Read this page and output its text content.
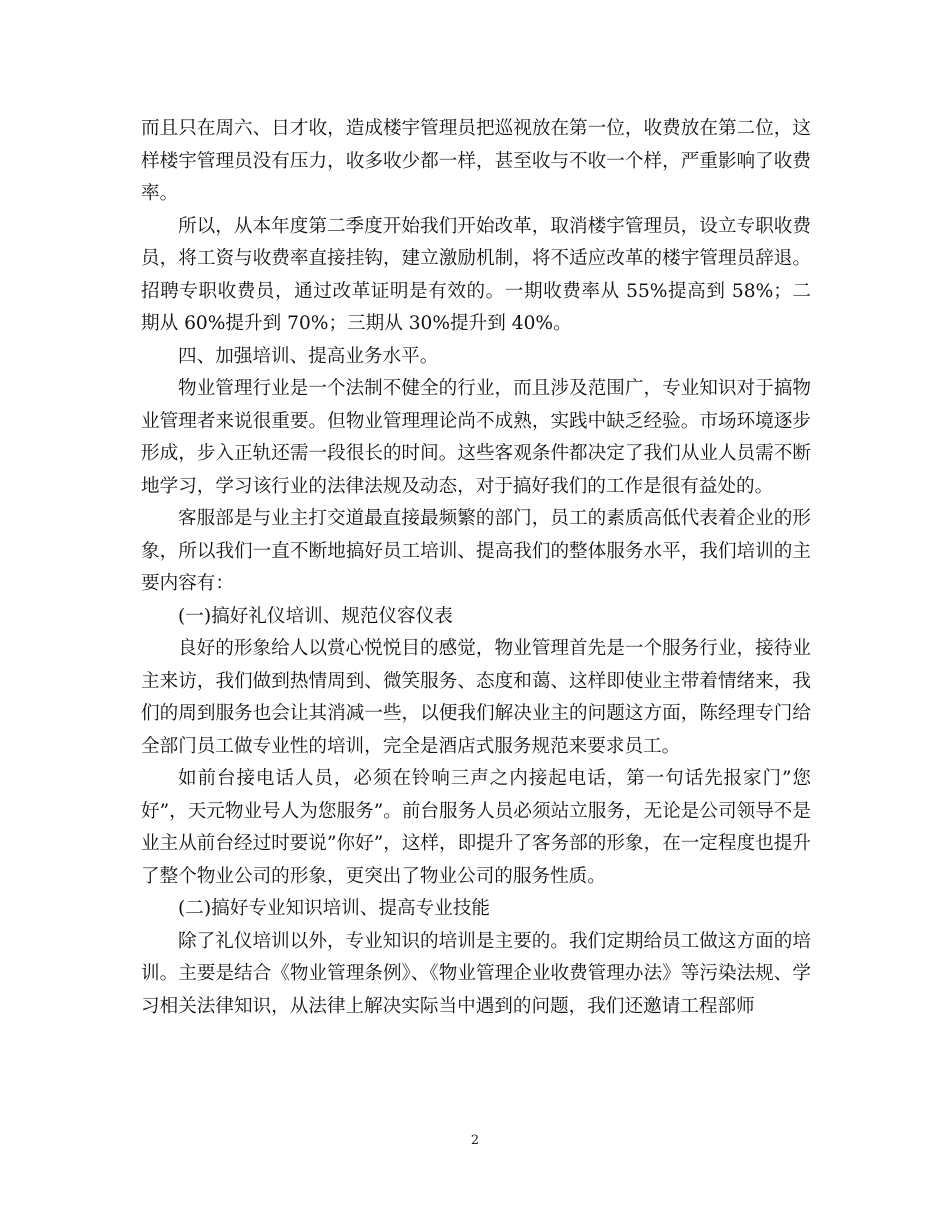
而且只在周六、日才收，造成楼宇管理员把巡视放在第一位，收费放在第二位，这样楼宇管理员没有压力，收多收少都一样，甚至收与不收一个样，严重影响了收费率。

所以，从本年度第二季度开始我们开始改革，取消楼宇管理员，设立专职收费员，将工资与收费率直接挂钩，建立激励机制，将不适应改革的楼宇管理员辞退。招聘专职收费员，通过改革证明是有效的。一期收费率从 55%提高到 58%；二期从 60%提升到 70%；三期从 30%提升到 40%。

四、加强培训、提高业务水平。

物业管理行业是一个法制不健全的行业，而且涉及范围广，专业知识对于搞物业管理者来说很重要。但物业管理理论尚不成熟，实践中缺乏经验。市场环境逐步形成，步入正轨还需一段很长的时间。这些客观条件都决定了我们从业人员需不断地学习，学习该行业的法律法规及动态，对于搞好我们的工作是很有益处的。

客服部是与业主打交道最直接最频繁的部门，员工的素质高低代表着企业的形象，所以我们一直不断地搞好员工培训、提高我们的整体服务水平，我们培训的主要内容有：

(一)搞好礼仪培训、规范仪容仪表

良好的形象给人以赏心悦悦目的感觉，物业管理首先是一个服务行业，接待业主来访，我们做到热情周到、微笑服务、态度和蔼、这样即使业主带着情绪来，我们的周到服务也会让其消减一些，以便我们解决业主的问题这方面，陈经理专门给全部门员工做专业性的培训，完全是酒店式服务规范来要求员工。

如前台接电话人员，必须在铃响三声之内接起电话，第一句话先报家门”您好”，天元物业号人为您服务”。前台服务人员必须站立服务，无论是公司领导不是业主从前台经过时要说”你好”，这样，即提升了客务部的形象，在一定程度也提升了整个物业公司的形象，更突出了物业公司的服务性质。

(二)搞好专业知识培训、提高专业技能

除了礼仪培训以外，专业知识的培训是主要的。我们定期给员工做这方面的培训。主要是结合《物业管理条例》、《物业管理企业收费管理办法》等污染法规、学习相关法律知识，从法律上解决实际当中遇到的问题，我们还邀请工程部师

2
